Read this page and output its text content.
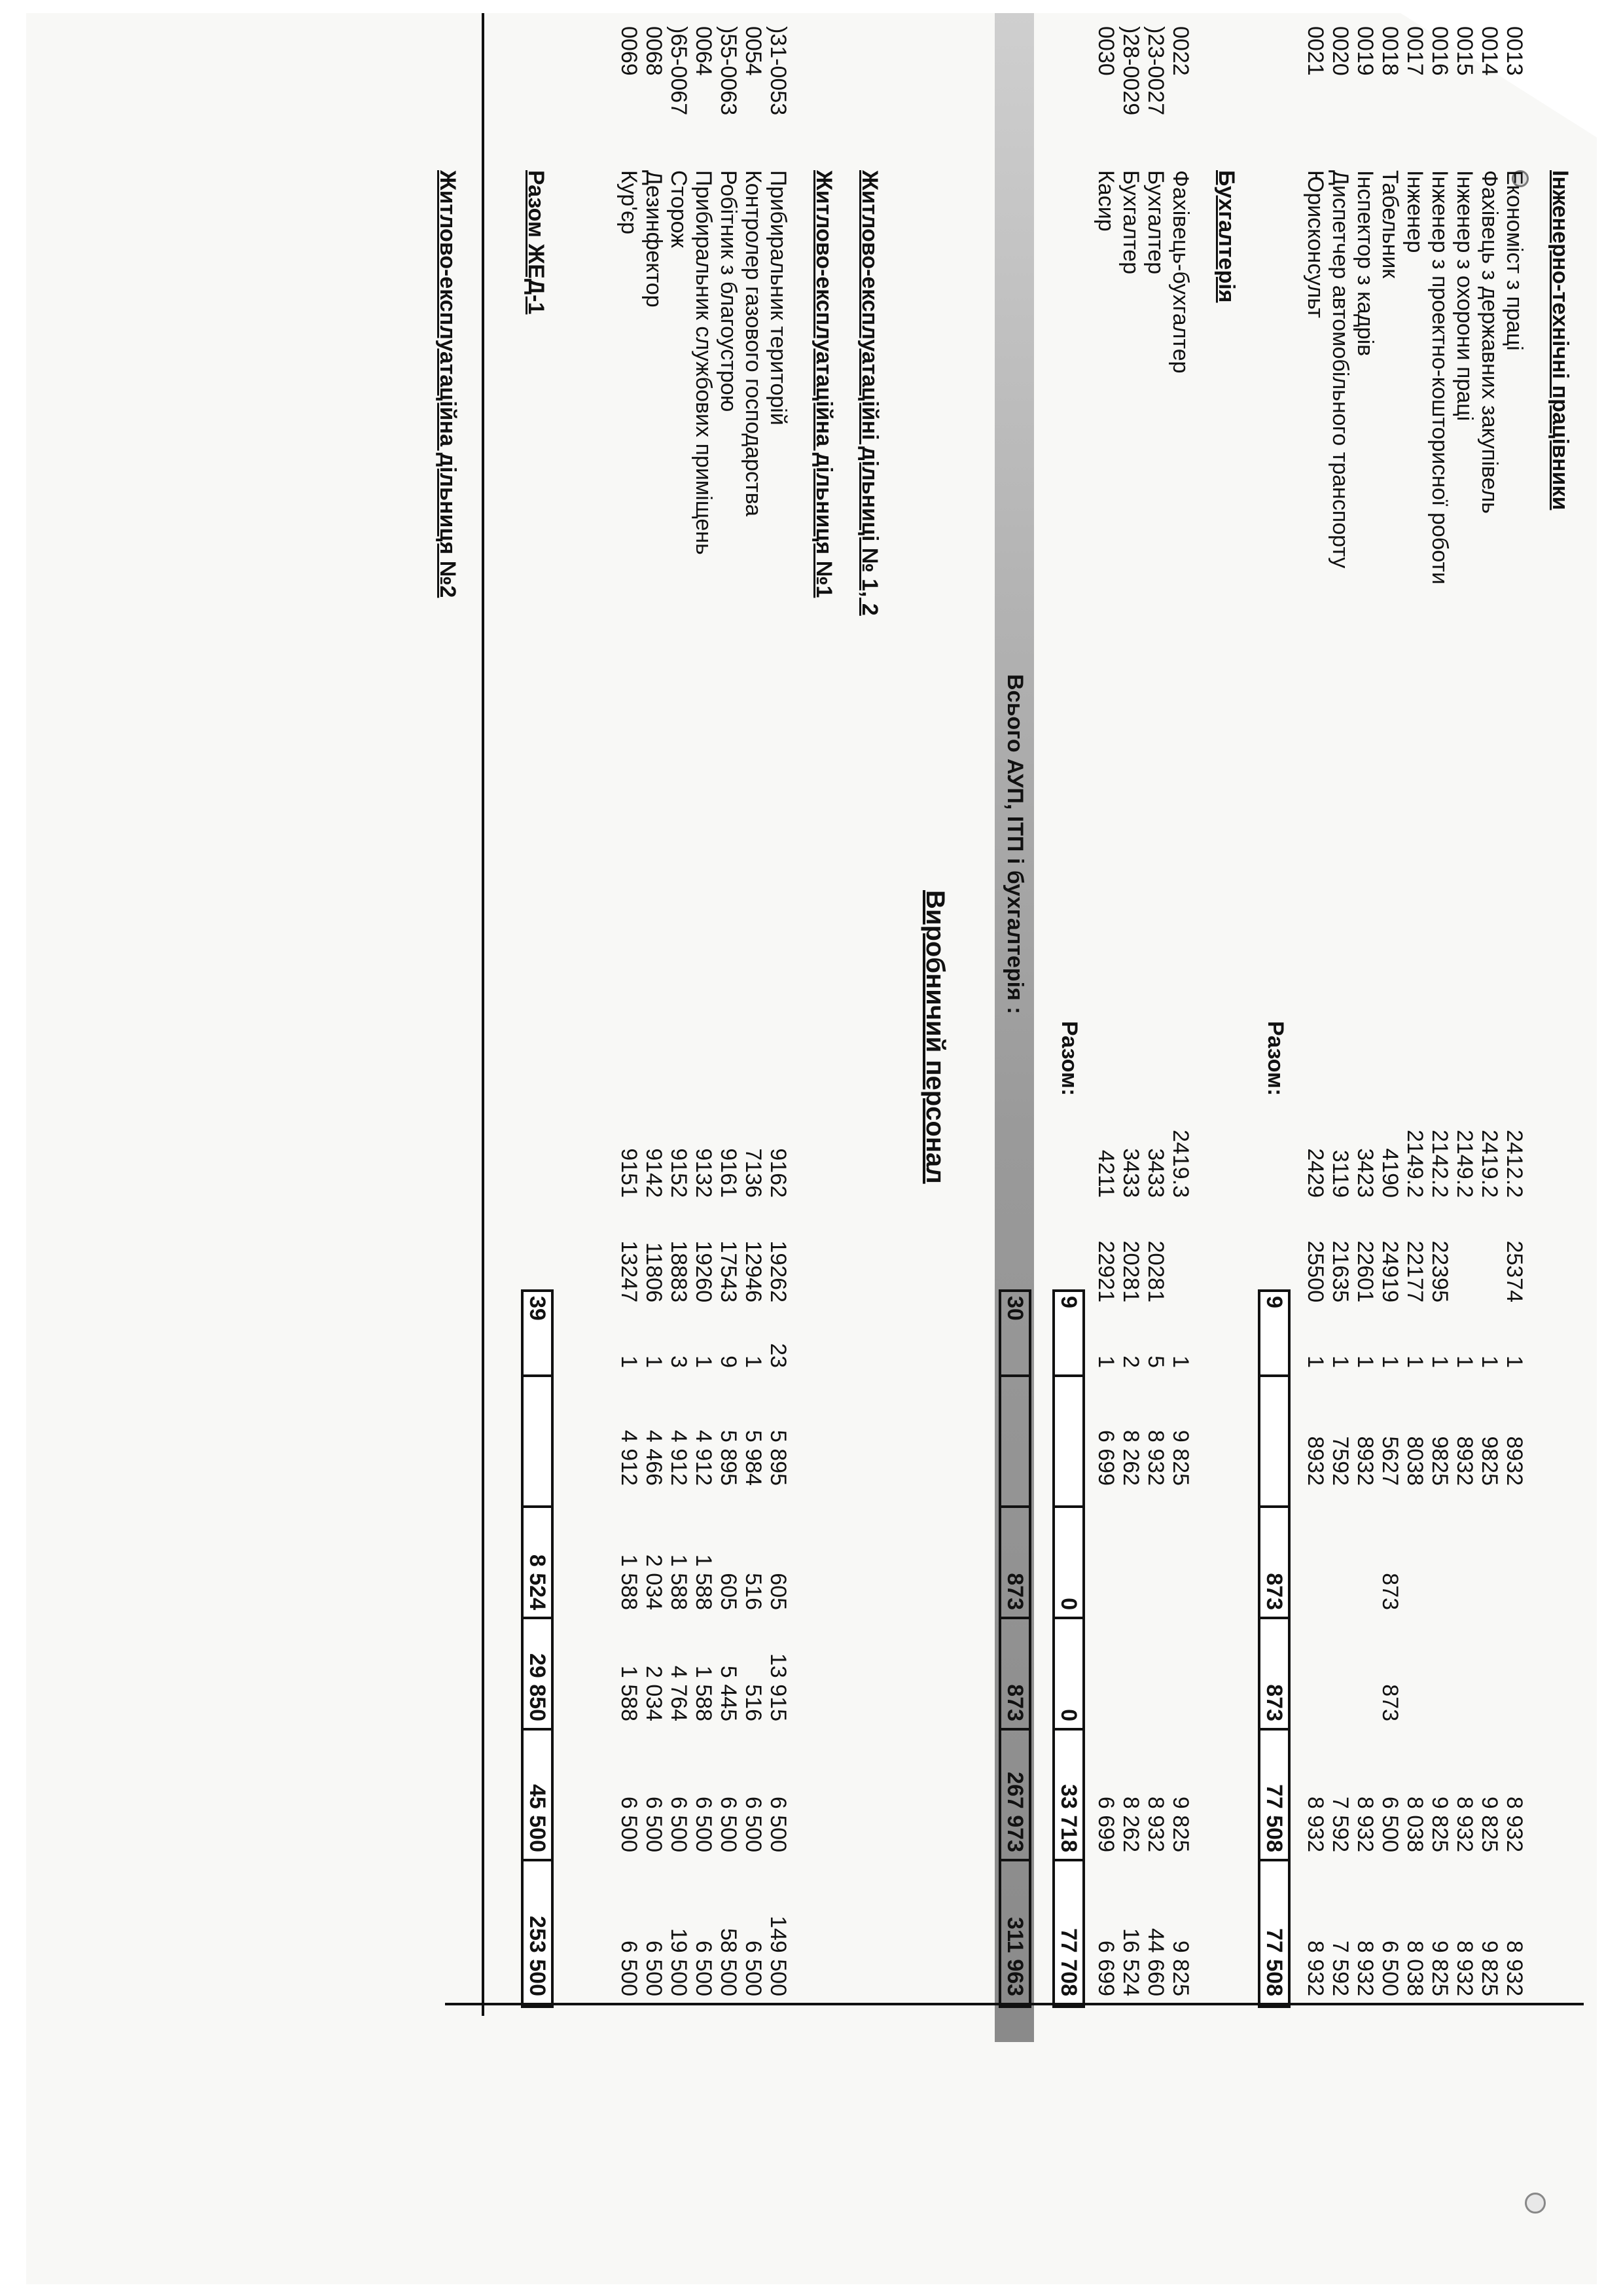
Інженерно-технічні працівники
0013
Економіст з праці
2412.2
25374
1
8932
8 932
8 932
0014
Фахівець з державних закупівель
2419.2
1
9825
9 825
9 825
0015
Інженер з охорони праці
2149.2
1
8932
8 932
8 932
0016
Інженер з проектно-кошторисної роботи
2142.2
22395
1
9825
9 825
9 825
0017
Інженер
2149.2
22177
1
8038
8 038
8 038
0018
Табельник
4190
24919
1
5627
873
873
6 500
6 500
0019
Інспектор з кадрів
3423
22601
1
8932
8 932
8 932
0020
Диспетчер автомобільного транспорту
3119
21635
1
7592
7 592
7 592
0021
Юрисконсульт
2429
25500
1
8932
8 932
8 932
Разом:
Бухгалтерія
0022
Фахівець-бухгалтер
2419.3
1
9 825
9 825
9 825
)23-0027
Бухгалтер
3433
20281
5
8 932
8 932
44 660
)28-0029
Бухгалтер
3433
20281
2
8 262
8 262
16 524
0030
Касир
4211
22921
1
6 699
6 699
6 699
Разом:
Всього АУП, ІТП і бухгалтерія :
Виробничий персонал
Житлово-експлуатаційні дільниці № 1, 2
Житлово-експлуатаційна дільниця №1
)31-0053
Прибиральник територій
9162
19262
23
5 895
605
13 915
6 500
149 500
0054
Контролер газового господарства
7136
12946
1
5 984
516
516
6 500
6 500
)55-0063
Робітник з благоустрою
9161
17543
9
5 895
605
5 445
6 500
58 500
0064
Прибиральник службових приміщень
9132
19260
1
4 912
1 588
1 588
6 500
6 500
)65-0067
Сторож
9152
18883
3
4 912
1 588
4 764
6 500
19 500
0068
Дезинфектор
9142
11806
1
4 466
2 034
2 034
6 500
6 500
0069
Кур'єр
9151
13247
1
4 912
1 588
1 588
6 500
6 500
Разом ЖЕД-1
Житлово-експлуатаційна дільниця №2
9
873
873
77 508
77 508
9
0
0
33 718
77 708
30
873
873
267 973
311 963
39
8 524
29 850
45 500
253 500
